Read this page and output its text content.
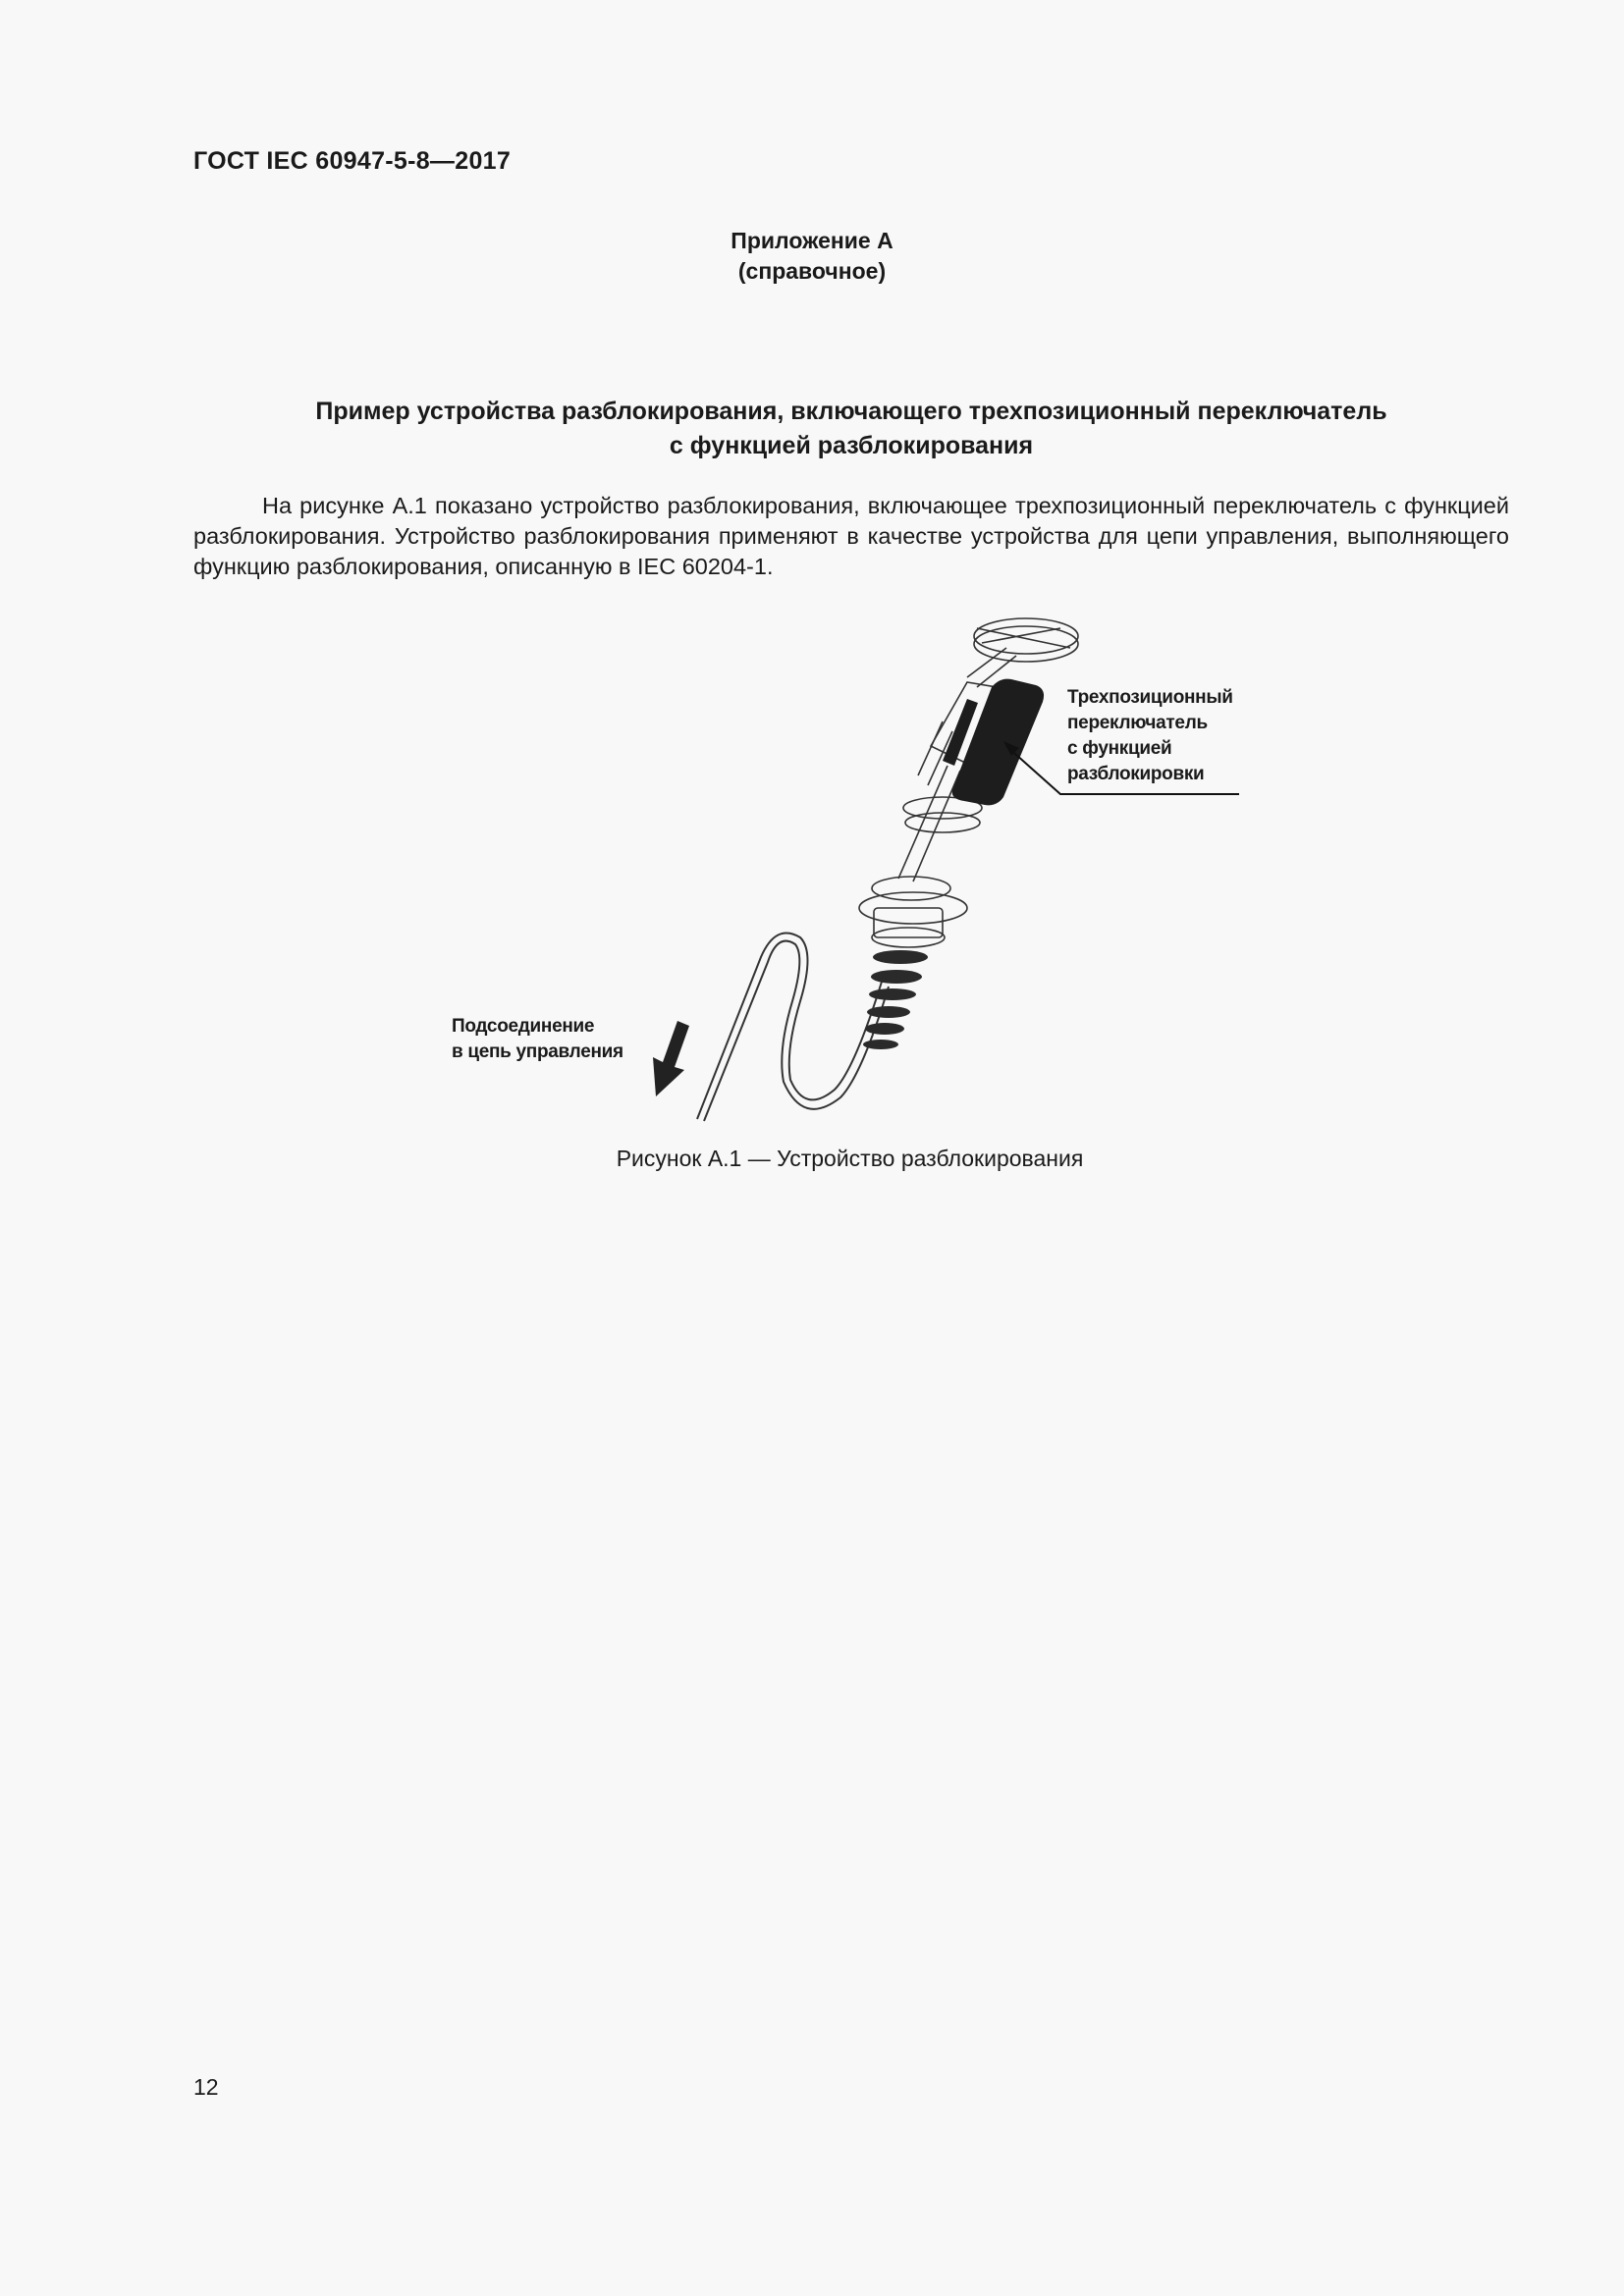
ГОСТ IEC 60947-5-8—2017
Приложение А
(справочное)
Пример устройства разблокирования, включающего трехпозиционный переключатель
с функцией разблокирования
На рисунке А.1 показано устройство разблокирования, включающее трехпозиционный переключатель с функцией разблокирования. Устройство разблокирования применяют в качестве устройства для цепи управления, выполняющего функцию разблокирования, описанную в IEC 60204-1.
Трехпозиционный
переключатель
с функцией
разблокировки
Подсоединение
в цепь управления
Рисунок А.1 — Устройство разблокирования
12
